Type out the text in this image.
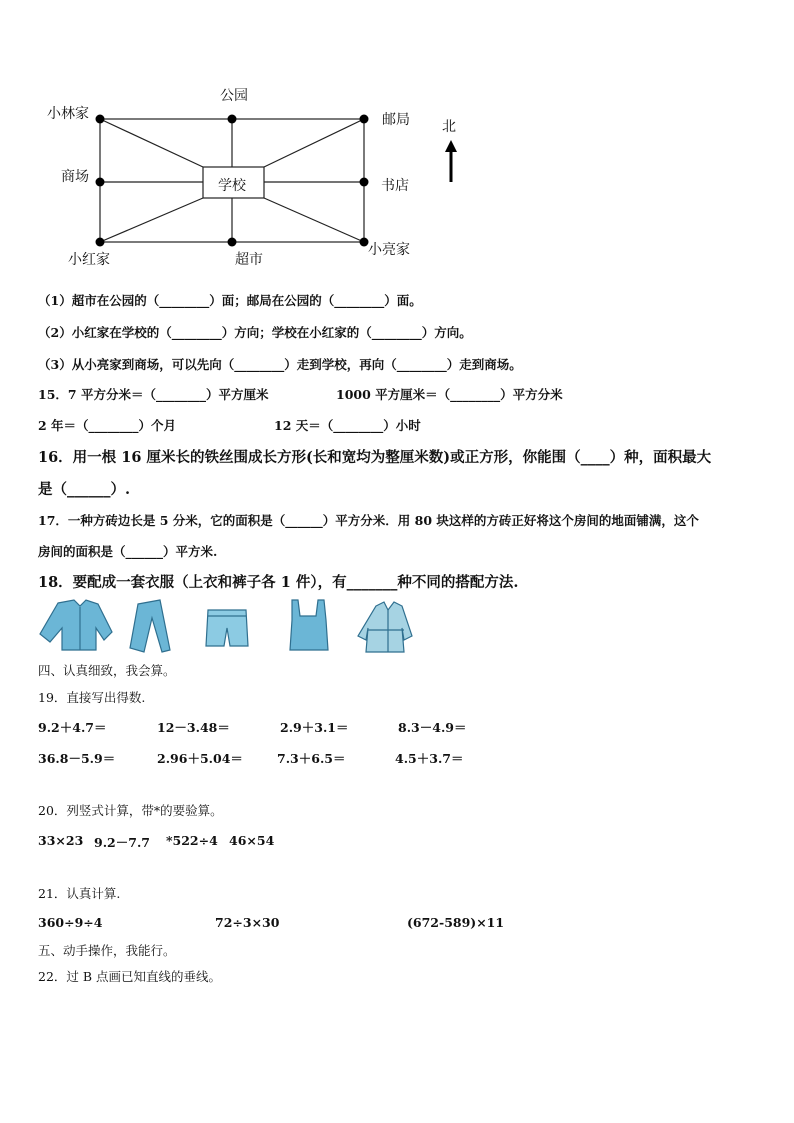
公园
小林家	邮局 北
商场
学校	书店
小红家	超市
小亮家
（1）超市在公园的（________）面；邮局在公园的（________）面。
（2）小红家在学校的（________）方向；学校在小红家的（________）方向。
（3）从小亮家到商场，可以先向（________）走到学校，再向（________）走到商场。
15．7 平方分米＝（________）平方厘米	1000 平方厘米＝（________）平方分米
2 年＝（________）个月	12 天＝（________）小时
16．用一根 16 厘米长的铁丝围成长方形(长和宽均为整厘米数)或正方形，你能围（____）种，面积最大
是（______）.
17．一种方砖边长是 5 分米，它的面积是（______）平方分米．用 80 块这样的方砖正好将这个房间的地面铺满，这个
房间的面积是（______）平方米.
18．要配成一套衣服（上衣和裤子各 1 件），有_______种不同的搭配方法.
四、认真细致，我会算。
19．直接写出得数.
9.2＋4.7＝	12－3.48＝	2.9＋3.1＝	8.3－4.9＝
36.8－5.9＝	2.96＋5.04＝	7.3＋6.5＝	4.5＋3.7＝
20．列竖式计算，带*的要验算。
33×23 9.2－7.7 *522÷4 46×54
21．认真计算.
360÷9÷4	72÷3×30	(672-589)×11
五、动手操作，我能行。
22．过 B 点画已知直线的垂线。
